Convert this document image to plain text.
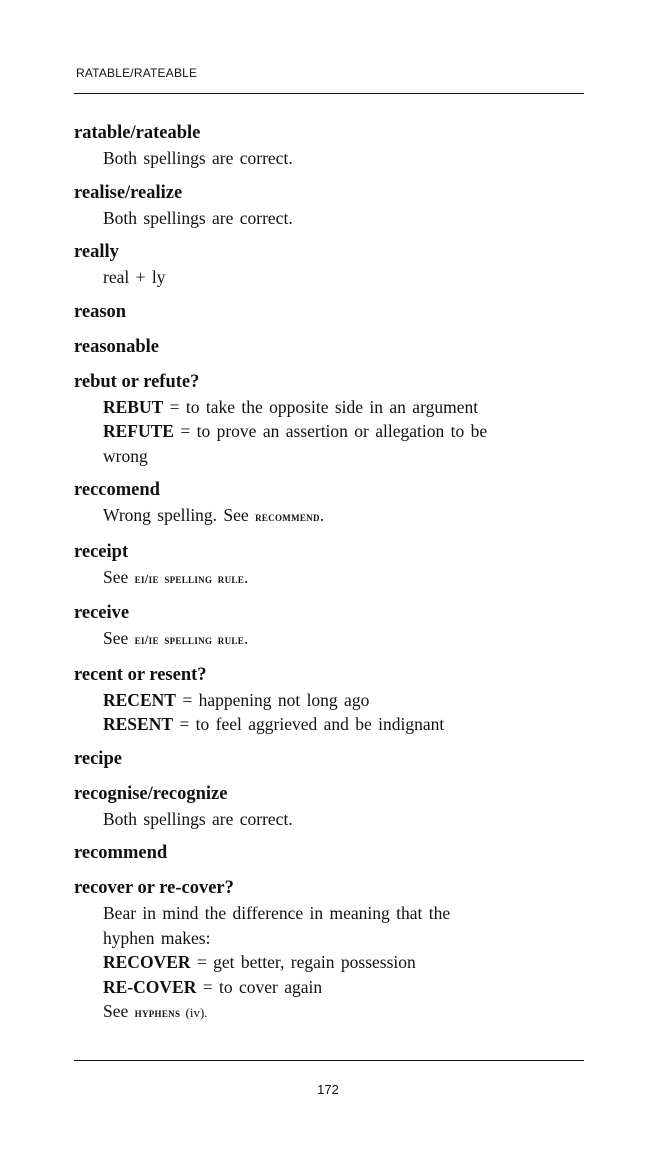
RATABLE/RATEABLE
ratable/rateable
Both spellings are correct.
realise/realize
Both spellings are correct.
really
real + ly
reason
reasonable
rebut or refute?
REBUT = to take the opposite side in an argument
REFUTE = to prove an assertion or allegation to be
wrong
reccomend
Wrong spelling. See recommend.
receipt
See ei/ie spelling rule.
receive
See ei/ie spelling rule.
recent or resent?
RECENT = happening not long ago
RESENT = to feel aggrieved and be indignant
recipe
recognise/recognize
Both spellings are correct.
recommend
recover or re-cover?
Bear in mind the difference in meaning that the
hyphen makes:
RECOVER = get better, regain possession
RE-COVER = to cover again
See hyphens (iv).
172
